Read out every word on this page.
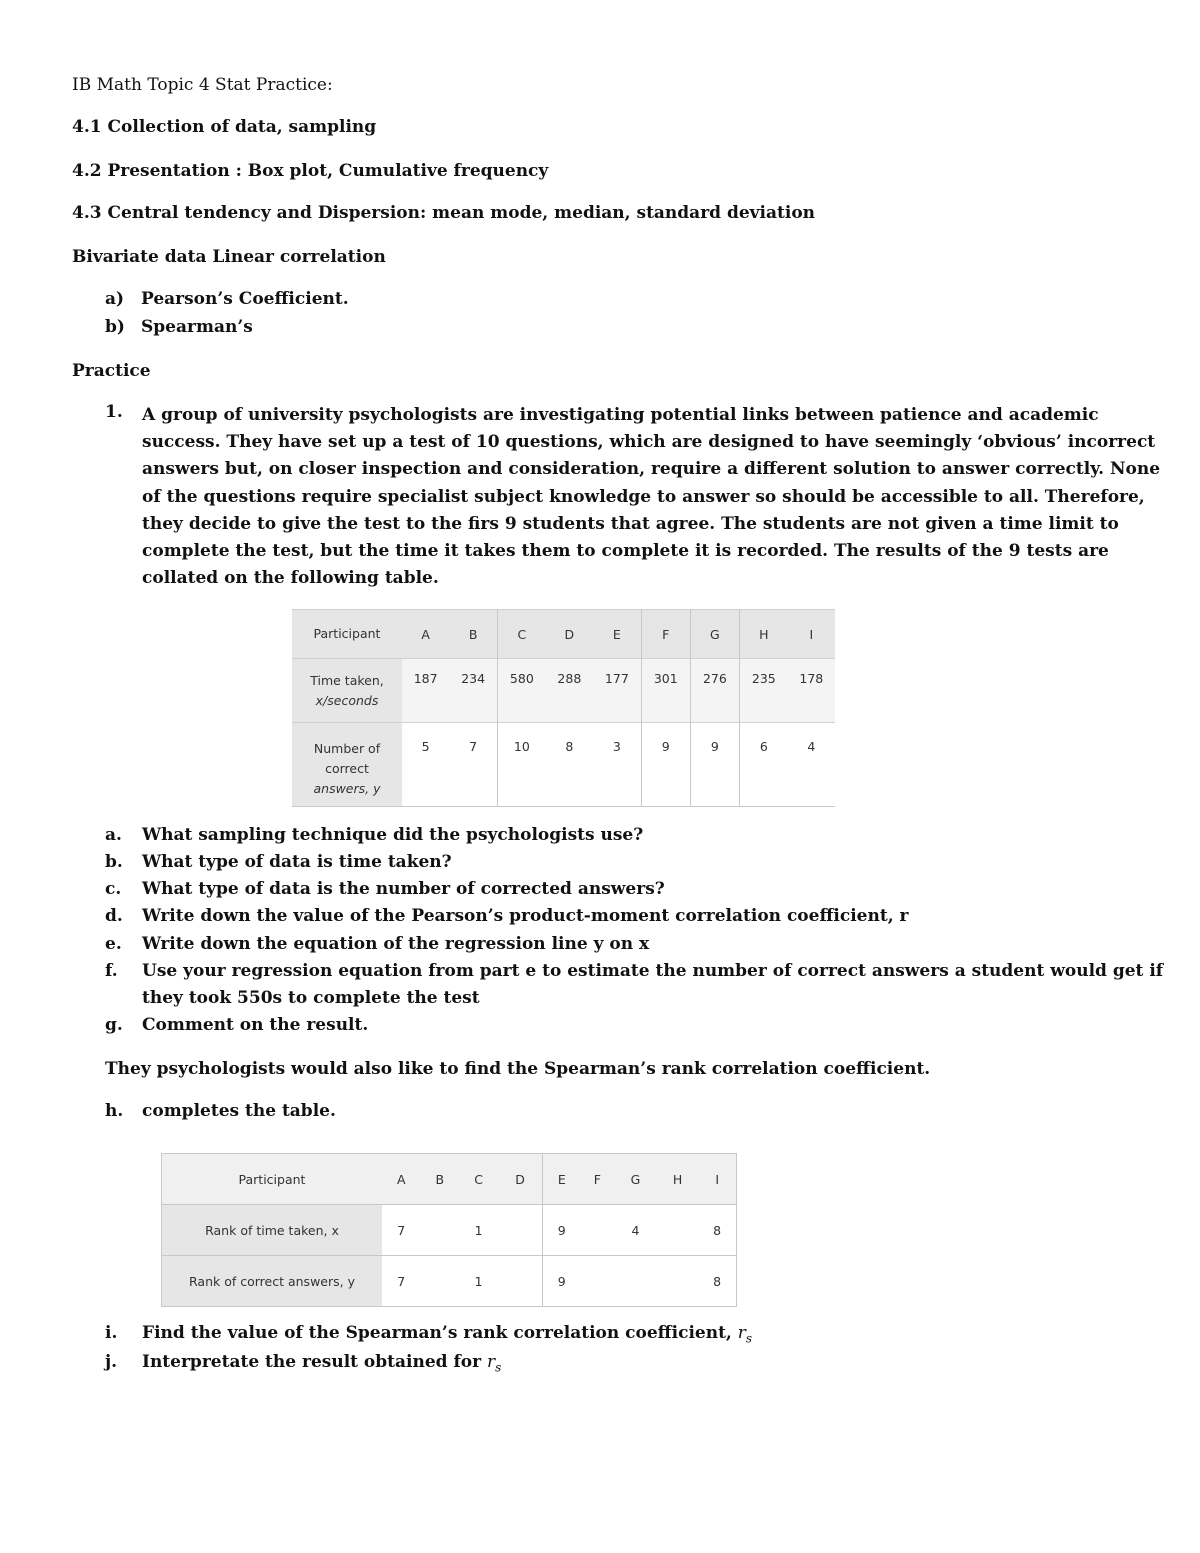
IB Math Topic 4 Stat Practice:
4.1 Collection of data, sampling
4.2 Presentation : Box plot, Cumulative frequency
4.3 Central tendency and Dispersion: mean mode, median, standard deviation
Bivariate data Linear correlation
a) Pearson’s Coefficient.
b) Spearman’s
Practice
1. A group of university psychologists are investigating potential links between patience and academic
success. They have set up a test of 10 questions, which are designed to have seemingly ‘obvious’ incorrect
answers but, on closer inspection and consideration, require a different solution to answer correctly. None
of the questions require specialist subject knowledge to answer so should be accessible to all. Therefore,
they decide to give the test to the firs 9 students that agree. The students are not given a time limit to
complete the test, but the time it takes them to complete it is recorded. The results of the 9 tests are
collated on the following table.
Participant	A	B	C	D	E	F	G	H	I
Time taken,
x/seconds	187	234	580	288	177	301	276	235	178
Number of
correct
answers, y	5	7	10	8	3	9	9	6	4
a. What sampling technique did the psychologists use?
b. What type of data is time taken?
c. What type of data is the number of corrected answers?
d. Write down the value of the Pearson’s product-moment correlation coefficient, r
e. Write down the equation of the regression line y on x
f. Use your regression equation from part e to estimate the number of correct answers a student would get if
they took 550s to complete the test
g. Comment on the result.
They psychologists would also like to find the Spearman’s rank correlation coefficient.
h. completes the table.
Participant	A	B	C	D	E	F	G	H	I
Rank of time taken, x	7		1		9		4		8
Rank of correct answers, y	7		1		9				8
i. Find the value of the Spearman’s rank correlation coefficient, $r_s$
j. Interpretate the result obtained for $r_s$
